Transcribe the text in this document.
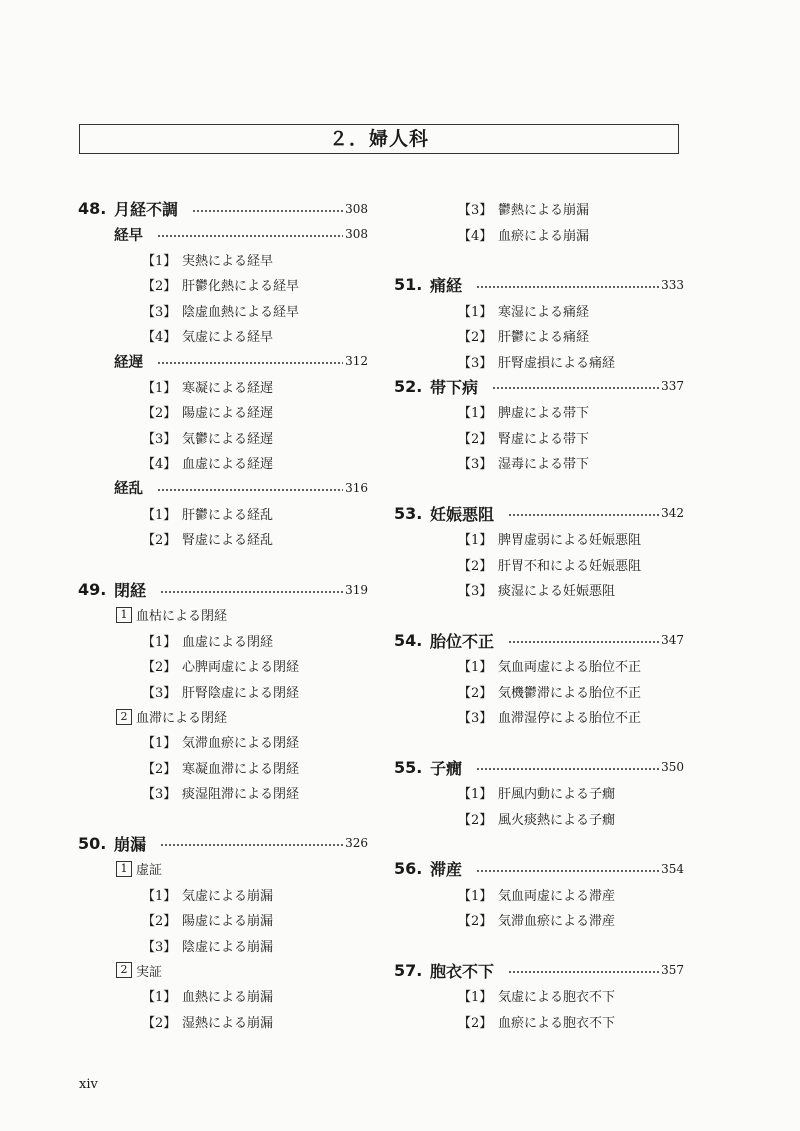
２．婦人科
48. 月経不調	308
経早	308
【1】 実熱による経早
【2】 肝鬱化熱による経早
【3】 陰虚血熱による経早
【4】 気虚による経早
経遅	312
【1】 寒凝による経遅
【2】 陽虚による経遅
【3】 気鬱による経遅
【4】 血虚による経遅
経乱	316
【1】 肝鬱による経乱
【2】 腎虚による経乱
49. 閉経	319
1 血枯による閉経
【1】 血虚による閉経
【2】 心脾両虚による閉経
【3】 肝腎陰虚による閉経
2 血滞による閉経
【1】 気滞血瘀による閉経
【2】 寒凝血滞による閉経
【3】 痰湿阻滞による閉経
50. 崩漏	326
1 虚証
【1】 気虚による崩漏
【2】 陽虚による崩漏
【3】 陰虚による崩漏
2 実証
【1】 血熱による崩漏
【2】 湿熱による崩漏
【3】 鬱熱による崩漏
【4】 血瘀による崩漏
51. 痛経	333
【1】 寒湿による痛経
【2】 肝鬱による痛経
【3】 肝腎虚損による痛経
52. 帯下病	337
【1】 脾虚による帯下
【2】 腎虚による帯下
【3】 湿毒による帯下
53. 妊娠悪阻	342
【1】 脾胃虚弱による妊娠悪阻
【2】 肝胃不和による妊娠悪阻
【3】 痰湿による妊娠悪阻
54. 胎位不正	347
【1】 気血両虚による胎位不正
【2】 気機鬱滞による胎位不正
【3】 血滞湿停による胎位不正
55. 子癇	350
【1】 肝風内動による子癇
【2】 風火痰熱による子癇
56. 滞産	354
【1】 気血両虚による滞産
【2】 気滞血瘀による滞産
57. 胞衣不下	357
【1】 気虚による胞衣不下
【2】 血瘀による胞衣不下
xiv
